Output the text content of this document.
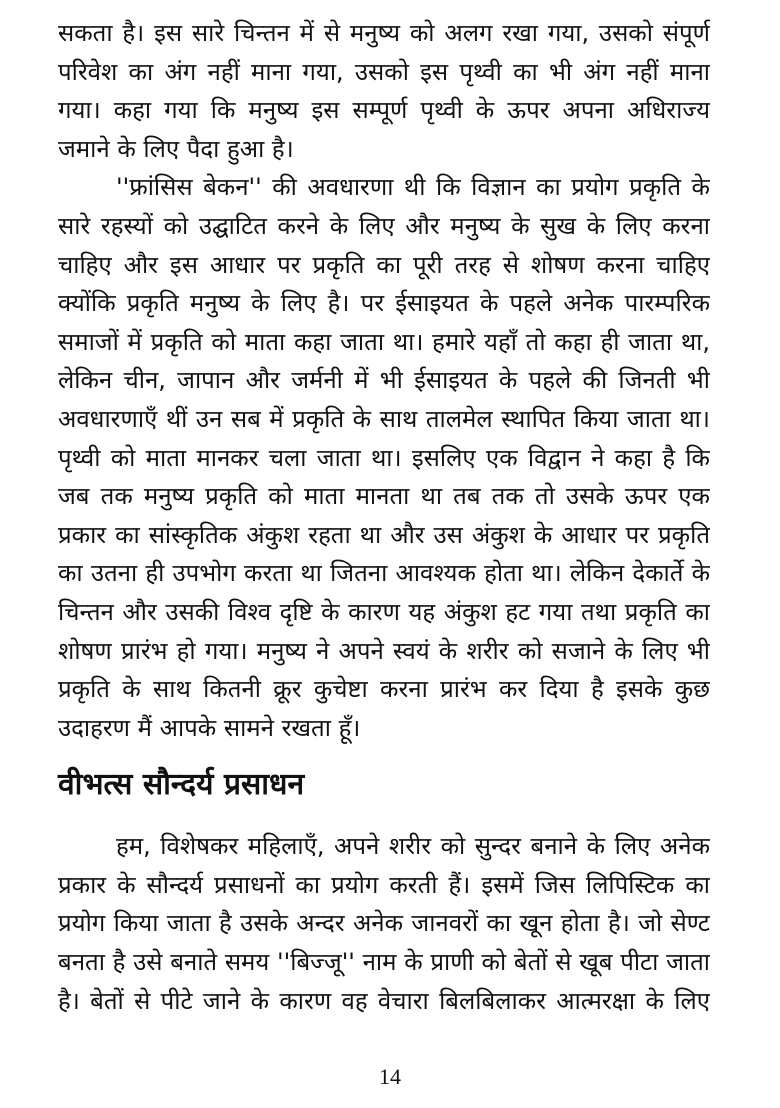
सकता है। इस सारे चिन्तन में से मनुष्य को अलग रखा गया, उसको संपूर्ण
परिवेश का अंग नहीं माना गया, उसको इस पृथ्वी का भी अंग नहीं माना
गया। कहा गया कि मनुष्य इस सम्पूर्ण पृथ्वी के ऊपर अपना अधिराज्य
जमाने के लिए पैदा हुआ है।
''फ्रांसिस बेकन'' की अवधारणा थी कि विज्ञान का प्रयोग प्रकृति के
सारे रहस्यों को उद्घाटित करने के लिए और मनुष्य के सुख के लिए करना
चाहिए और इस आधार पर प्रकृति का पूरी तरह से शोषण करना चाहिए
क्योंकि प्रकृति मनुष्य के लिए है। पर ईसाइयत के पहले अनेक पारम्परिक
समाजों में प्रकृति को माता कहा जाता था। हमारे यहाँ तो कहा ही जाता था,
लेकिन चीन, जापान और जर्मनी में भी ईसाइयत के पहले की जिनती भी
अवधारणाएँ थीं उन सब में प्रकृति के साथ तालमेल स्थापित किया जाता था।
पृथ्वी को माता मानकर चला जाता था। इसलिए एक विद्वान ने कहा है कि
जब तक मनुष्य प्रकृति को माता मानता था तब तक तो उसके ऊपर एक
प्रकार का सांस्कृतिक अंकुश रहता था और उस अंकुश के आधार पर प्रकृति
का उतना ही उपभोग करता था जितना आवश्यक होता था। लेकिन देकार्ते के
चिन्तन और उसकी विश्व दृष्टि के कारण यह अंकुश हट गया तथा प्रकृति का
शोषण प्रारंभ हो गया। मनुष्य ने अपने स्वयं के शरीर को सजाने के लिए भी
प्रकृति के साथ कितनी क्रूर कुचेष्टा करना प्रारंभ कर दिया है इसके कुछ
उदाहरण मैं आपके सामने रखता हूँ।
वीभत्स सौन्दर्य प्रसाधन
हम, विशेषकर महिलाएँ, अपने शरीर को सुन्दर बनाने के लिए अनेक
प्रकार के सौन्दर्य प्रसाधनों का प्रयोग करती हैं। इसमें जिस लिपिस्टिक का
प्रयोग किया जाता है उसके अन्दर अनेक जानवरों का खून होता है। जो सेण्ट
बनता है उसे बनाते समय ''बिज्जू'' नाम के प्राणी को बेतों से खूब पीटा जाता
है। बेतों से पीटे जाने के कारण वह वेचारा बिलबिलाकर आत्मरक्षा के लिए
14
